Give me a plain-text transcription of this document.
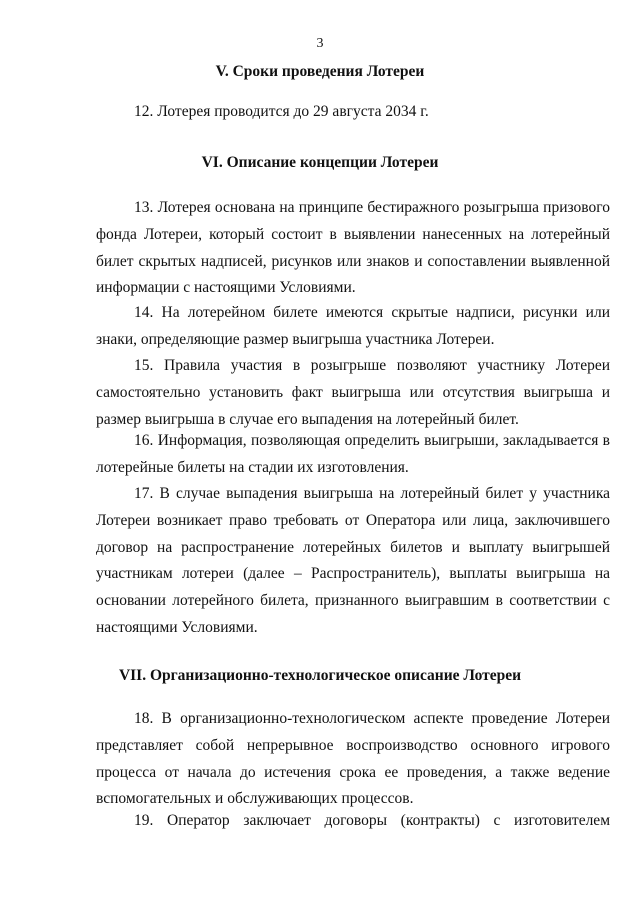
3
V. Сроки проведения Лотереи

12. Лотерея проводится до 29 августа 2034 г.

VI. Описание концепции Лотереи

13. Лотерея основана на принципе бестиражного розыгрыша призового фонда Лотереи, который состоит в выявлении нанесенных на лотерейный билет скрытых надписей, рисунков или знаков и сопоставлении выявленной информации с настоящими Условиями.

14. На лотерейном билете имеются скрытые надписи, рисунки или знаки, определяющие размер выигрыша участника Лотереи.

15. Правила участия в розыгрыше позволяют участнику Лотереи самостоятельно установить факт выигрыша или отсутствия выигрыша и размер выигрыша в случае его выпадения на лотерейный билет.

16. Информация, позволяющая определить выигрыши, закладывается в лотерейные билеты на стадии их изготовления.

17. В случае выпадения выигрыша на лотерейный билет у участника Лотереи возникает право требовать от Оператора или лица, заключившего договор на распространение лотерейных билетов и выплату выигрышей участникам лотереи (далее – Распространитель), выплаты выигрыша на основании лотерейного билета, признанного выигравшим в соответствии с настоящими Условиями.

VII. Организационно-технологическое описание Лотереи

18. В организационно-технологическом аспекте проведение Лотереи представляет собой непрерывное воспроизводство основного игрового процесса от начала до истечения срока ее проведения, а также ведение вспомогательных и обслуживающих процессов.

19. Оператор заключает договоры (контракты) с изготовителем
